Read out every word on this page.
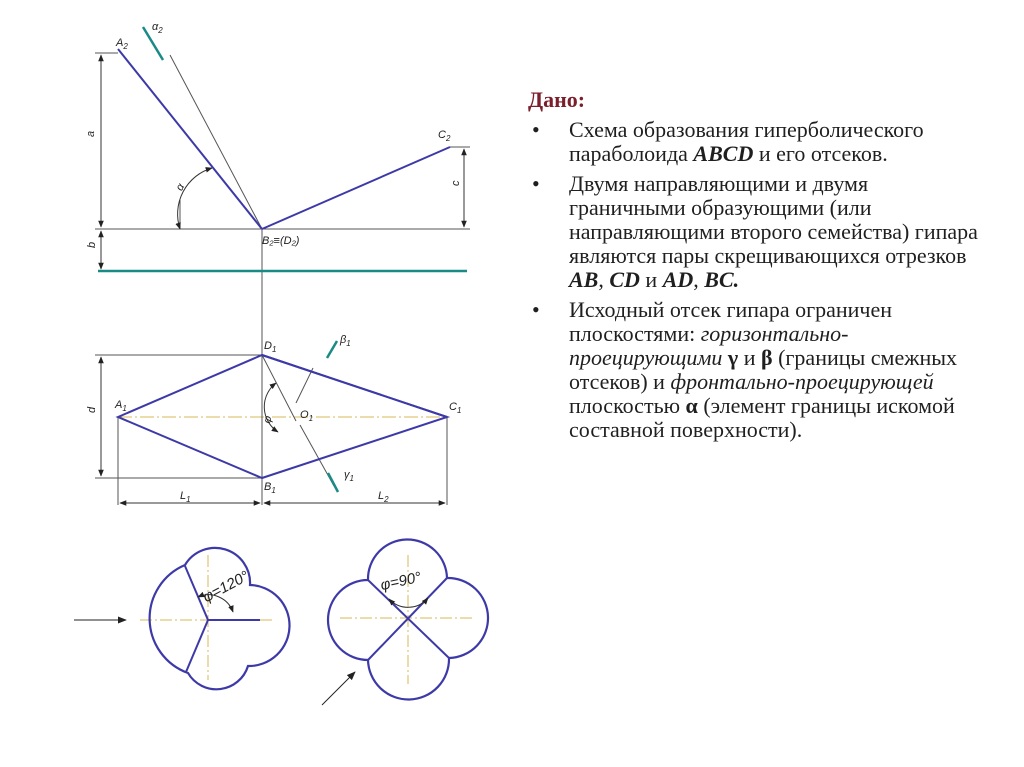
$A_2$
$\alpha_2$
$C_2$
B₂≡(D₂)
α
a
b
c
$D_1$
$\beta_1$
$A_1$	$C_1$
$O_1$
φ
$B_1$
$\gamma_1$
d
$L_1$	$L_2$
φ=120°	φ=90°
Дано:
• Схема образования гиперболического параболоида ABCD и его отсеков.
• Двумя направляющими и двумя граничными образующими (или направляющими второго семейства) гипара являются пары скрещивающихся отрезков AB, CD и AD, BC.
• Исходный отсек гипара ограничен плоскостями: горизонтально-проецирующими γ и β (границы смежных отсеков) и фронтально-проецирующей плоскостью α (элемент границы искомой составной поверхности).
